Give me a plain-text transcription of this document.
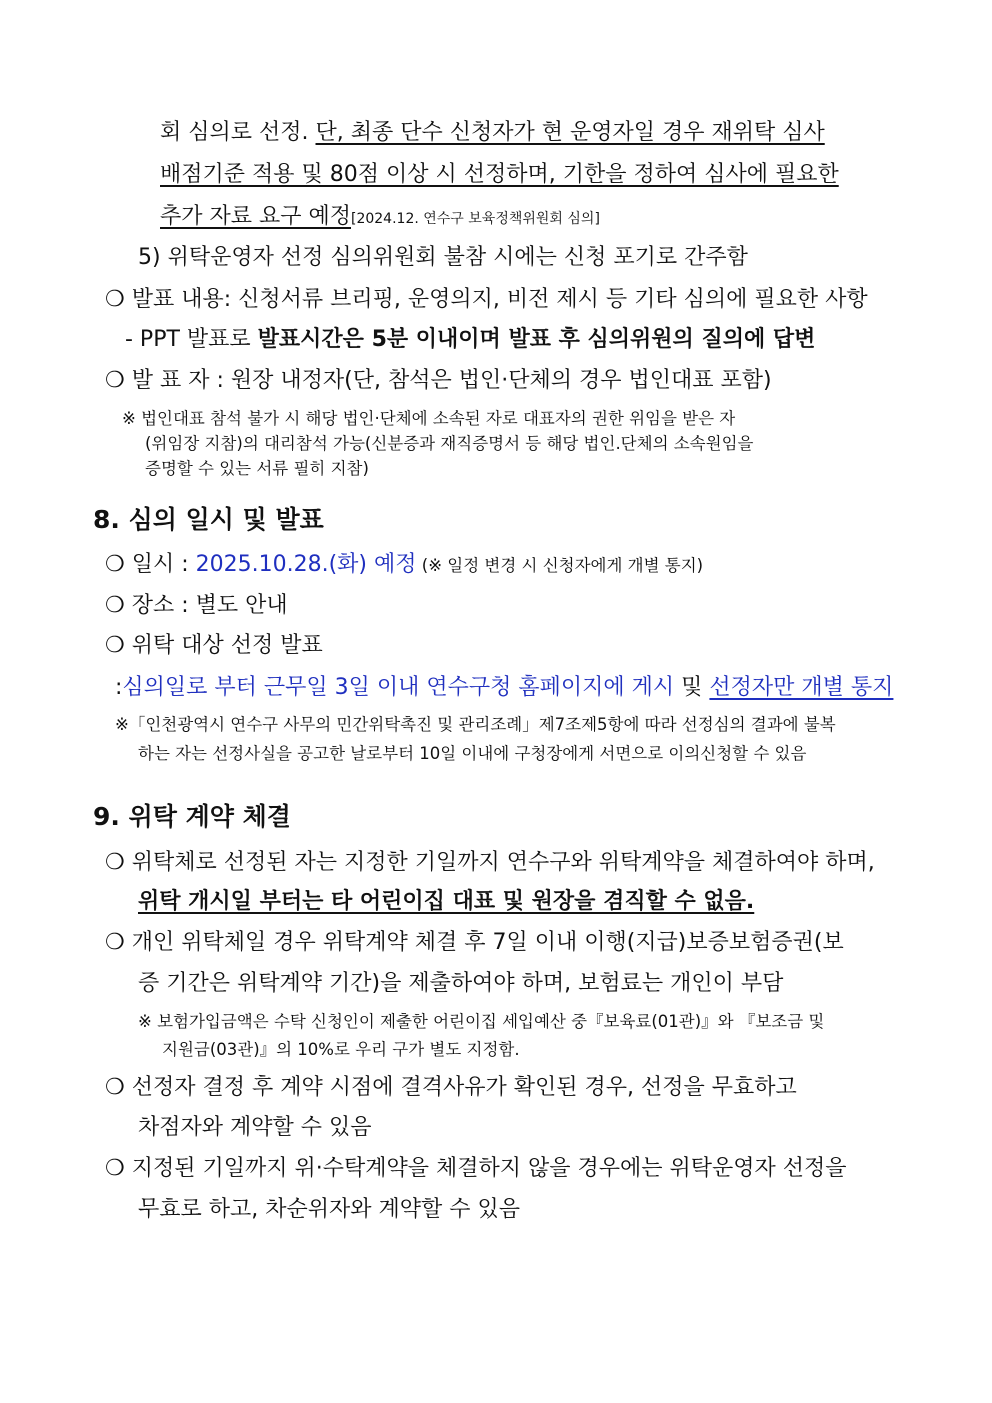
회 심의로 선정. 단, 최종 단수 신청자가 현 운영자일 경우 재위탁 심사
배점기준 적용 및 80점 이상 시 선정하며, 기한을 정하여 심사에 필요한
추가 자료 요구 예정[2024.12. 연수구 보육정책위원회 심의]
5) 위탁운영자 선정 심의위원회 불참 시에는 신청 포기로 간주함
❍ 발표 내용: 신청서류 브리핑, 운영의지, 비전 제시 등 기타 심의에 필요한 사항
- PPT 발표로 발표시간은 5분 이내이며 발표 후 심의위원의 질의에 답변
❍ 발 표 자 : 원장 내정자(단, 참석은 법인·단체의 경우 법인대표 포함)
※ 법인대표 참석 불가 시 해당 법인·단체에 소속된 자로 대표자의 권한 위임을 받은 자
(위임장 지참)의 대리참석 가능(신분증과 재직증명서 등 해당 법인.단체의 소속원임을
증명할 수 있는 서류 필히 지참)
8. 심의 일시 및 발표
❍ 일시 : 2025.10.28.(화) 예정 (※ 일정 변경 시 신청자에게 개별 통지)
❍ 장소 : 별도 안내
❍ 위탁 대상 선정 발표
:심의일로 부터 근무일 3일 이내 연수구청 홈페이지에 게시 및 선정자만 개별 통지
※「인천광역시 연수구 사무의 민간위탁촉진 및 관리조례」제7조제5항에 따라 선정심의 결과에 불복
하는 자는 선정사실을 공고한 날로부터 10일 이내에 구청장에게 서면으로 이의신청할 수 있음
9. 위탁 계약 체결
❍ 위탁체로 선정된 자는 지정한 기일까지 연수구와 위탁계약을 체결하여야 하며,
위탁 개시일 부터는 타 어린이집 대표 및 원장을 겸직할 수 없음.
❍ 개인 위탁체일 경우 위탁계약 체결 후 7일 이내 이행(지급)보증보험증권(보
증 기간은 위탁계약 기간)을 제출하여야 하며, 보험료는 개인이 부담
※ 보험가입금액은 수탁 신청인이 제출한 어린이집 세입예산 중『보육료(01관)』와 『보조금 및
지원금(03관)』의 10%로 우리 구가 별도 지정함.
❍ 선정자 결정 후 계약 시점에 결격사유가 확인된 경우, 선정을 무효하고
차점자와 계약할 수 있음
❍ 지정된 기일까지 위·수탁계약을 체결하지 않을 경우에는 위탁운영자 선정을
무효로 하고, 차순위자와 계약할 수 있음
